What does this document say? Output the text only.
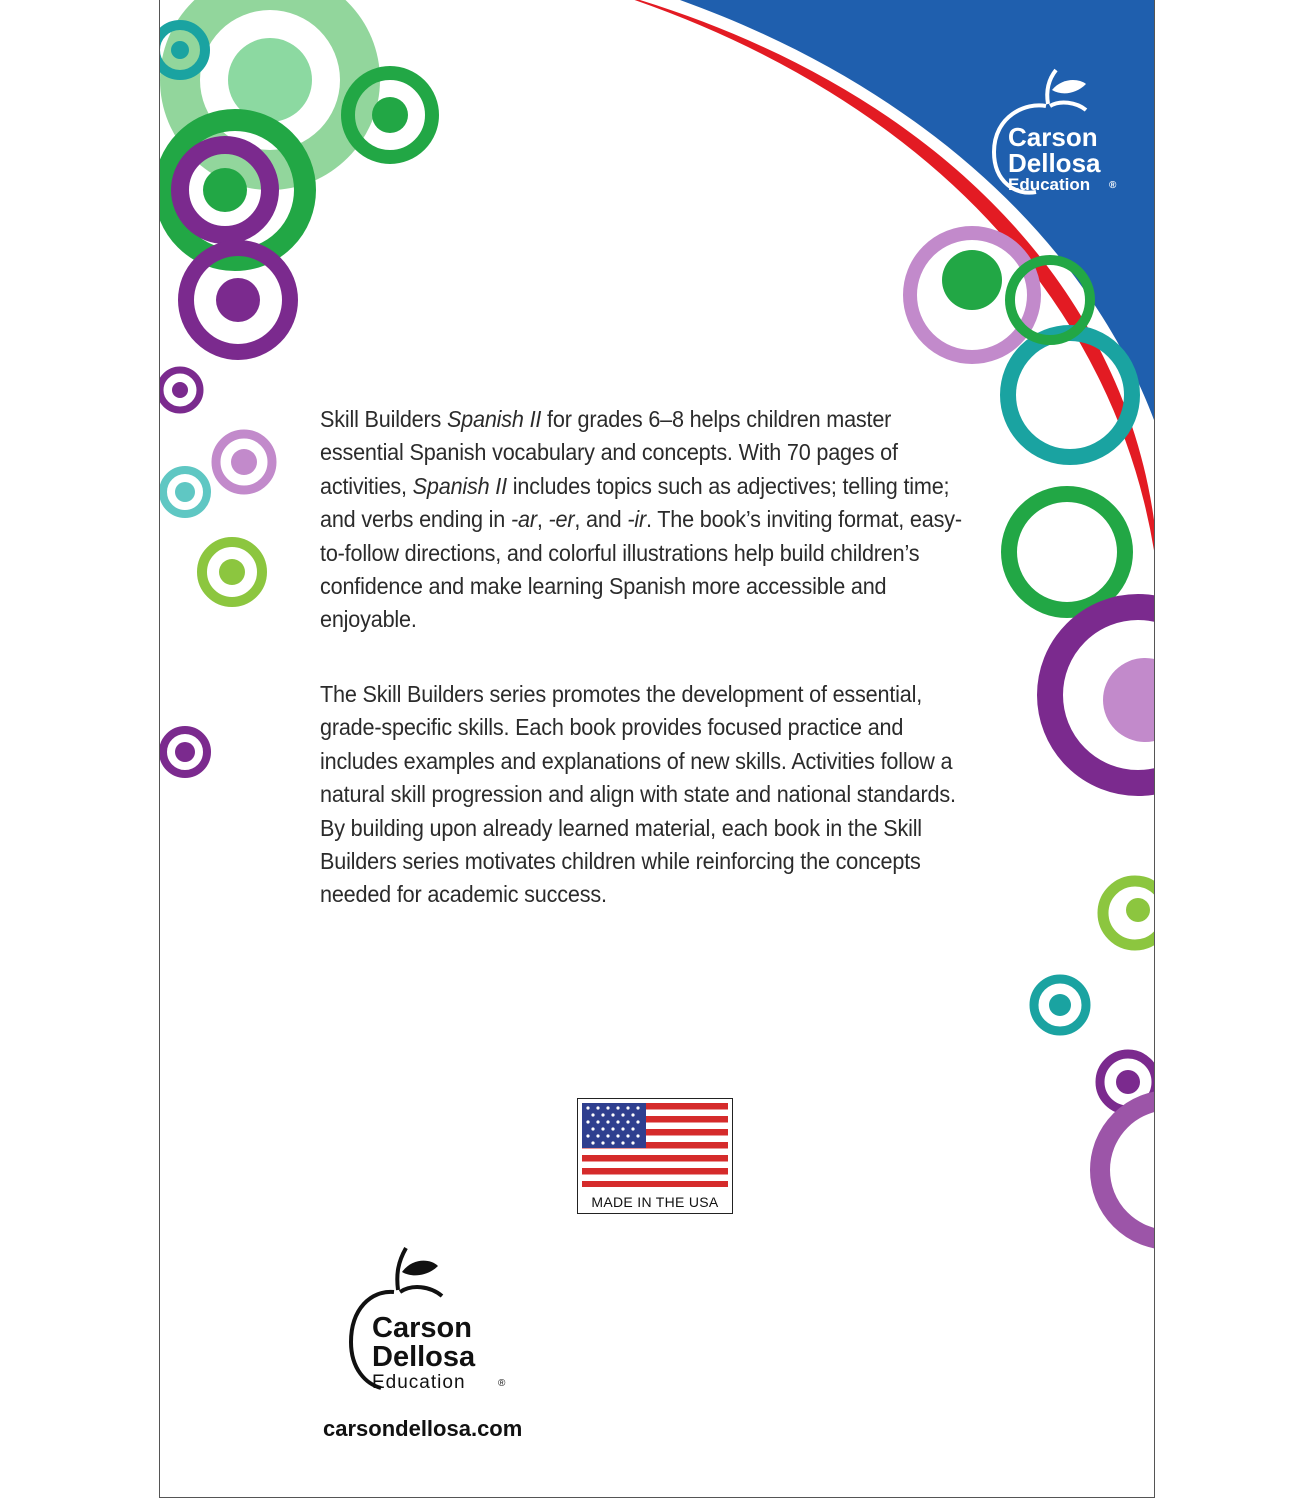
Carson
Dellosa
Education ®
Skill Builders Spanish II for grades 6–8 helps children master essential Spanish vocabulary and concepts. With 70 pages of activities, Spanish II includes topics such as adjectives; telling time; and verbs ending in -ar, -er, and -ir. The book’s inviting format, easy-to-follow directions, and colorful illustrations help build children’s confidence and make learning Spanish more accessible and enjoyable.
The Skill Builders series promotes the development of essential, grade-specific skills. Each book provides focused practice and includes examples and explanations of new skills. Activities follow a natural skill progression and align with state and national standards. By building upon already learned material, each book in the Skill Builders series motivates children while reinforcing the concepts needed for academic success.
MADE IN THE USA
Carson
Dellosa
Education	®
carsondellosa.com
